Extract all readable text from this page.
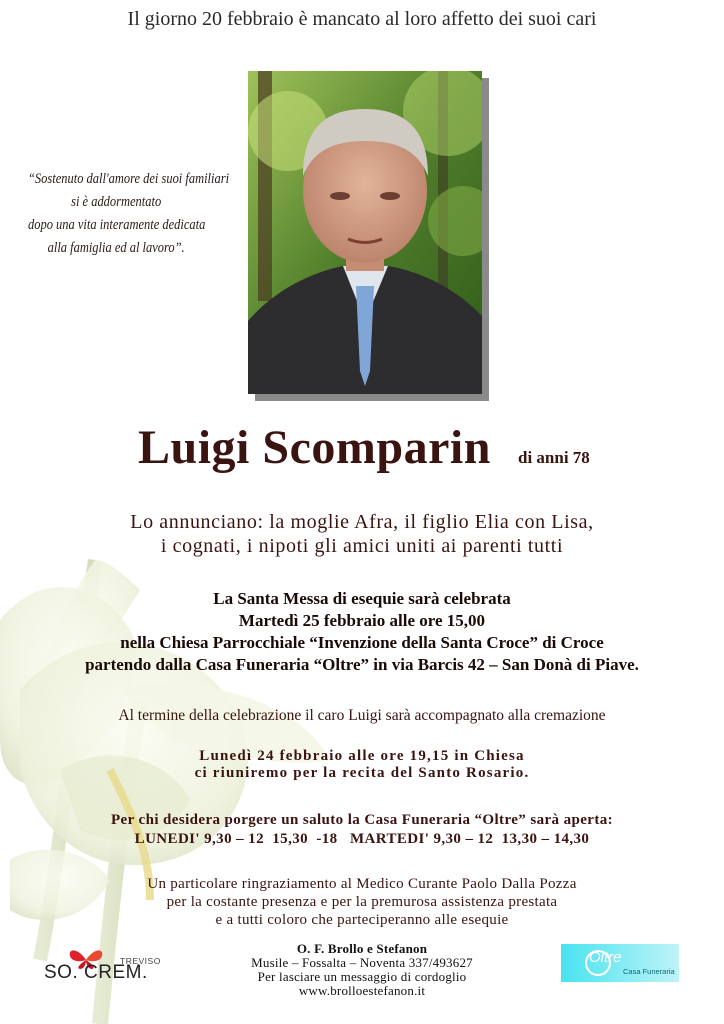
Il giorno 20 febbraio è mancato al loro affetto dei suoi cari
“Sostenuto dall'amore dei suoi familiari
si è addormentato
dopo una vita interamente dedicata
alla famiglia ed al lavoro”.
Luigi Scomparin di anni 78
Lo annunciano: la moglie Afra, il figlio Elia con Lisa,
i cognati, i nipoti gli amici uniti ai parenti tutti
La Santa Messa di esequie sarà celebrata
Martedì 25 febbraio alle ore 15,00
nella Chiesa Parrocchiale “Invenzione della Santa Croce” di Croce
partendo dalla Casa Funeraria “Oltre” in via Barcis 42 – San Donà di Piave.
Al termine della celebrazione il caro Luigi sarà accompagnato alla cremazione
Lunedì 24 febbraio alle ore 19,15 in Chiesa
ci riuniremo per la recita del Santo Rosario.
Per chi desidera porgere un saluto la Casa Funeraria “Oltre” sarà aperta:
LUNEDI' 9,30 – 12  15,30  -18   MARTEDI' 9,30 – 12  13,30 – 14,30
Un particolare ringraziamento al Medico Curante Paolo Dalla Pozza
per la costante presenza e per la premurosa assistenza prestata
e a tutti coloro che parteciperanno alle esequie
O. F. Brollo e Stefanon
Musile – Fossalta – Noventa 337/493627
Per lasciare un messaggio di cordoglio
www.brolloestefanon.it
TREVISO
SO. CREM.
Oltre
Casa Funeraria
